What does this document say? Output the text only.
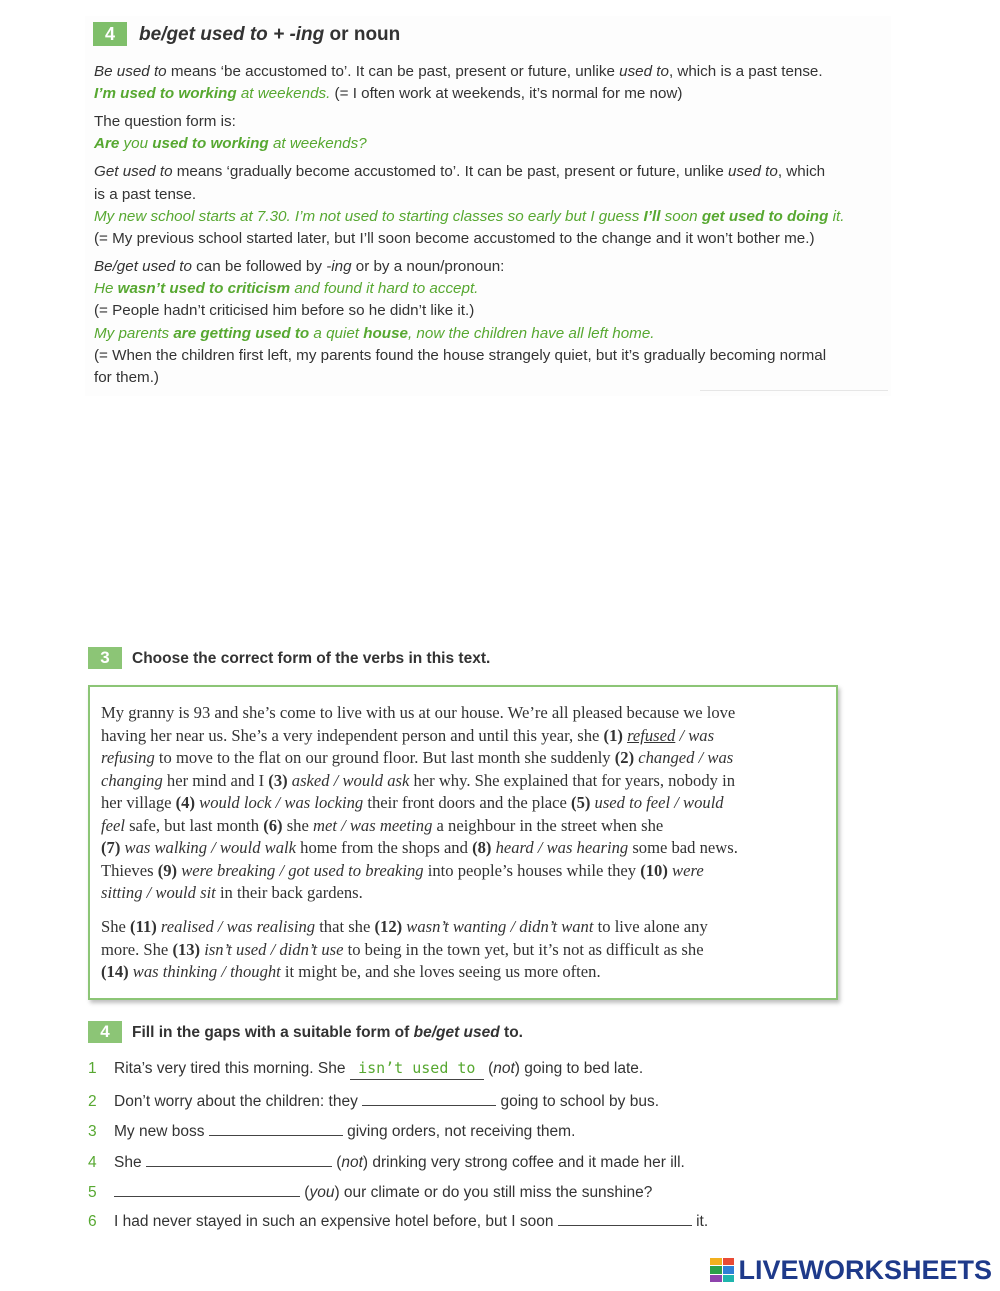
4 be/get used to + -ing or noun
Be used to means ‘be accustomed to’. It can be past, present or future, unlike used to, which is a past tense.
I’m used to working at weekends. (= I often work at weekends, it’s normal for me now)
The question form is:
Are you used to working at weekends?
Get used to means ‘gradually become accustomed to’. It can be past, present or future, unlike used to, which
is a past tense.
My new school starts at 7.30. I’m not used to starting classes so early but I guess I’ll soon get used to doing it.
(= My previous school started later, but I’ll soon become accustomed to the change and it won’t bother me.)
Be/get used to can be followed by -ing or by a noun/pronoun:
He wasn’t used to criticism and found it hard to accept.
(= People hadn’t criticised him before so he didn’t like it.)
My parents are getting used to a quiet house, now the children have all left home.
(= When the children first left, my parents found the house strangely quiet, but it’s gradually becoming normal
for them.)
3 Choose the correct form of the verbs in this text.
My granny is 93 and she’s come to live with us at our house. We’re all pleased because we love
having her near us. She’s a very independent person and until this year, she (1) refused / was
refusing to move to the flat on our ground floor. But last month she suddenly (2) changed / was
changing her mind and I (3) asked / would ask her why. She explained that for years, nobody in
her village (4) would lock / was locking their front doors and the place (5) used to feel / would
feel safe, but last month (6) she met / was meeting a neighbour in the street when she
(7) was walking / would walk home from the shops and (8) heard / was hearing some bad news.
Thieves (9) were breaking / got used to breaking into people’s houses while they (10) were
sitting / would sit in their back gardens.
She (11) realised / was realising that she (12) wasn’t wanting / didn’t want to live alone any
more. She (13) isn’t used / didn’t use to being in the town yet, but it’s not as difficult as she
(14) was thinking / thought it might be, and she loves seeing us more often.
4 Fill in the gaps with a suitable form of be/get used to.
1 Rita’s very tired this morning. She isn’t used to (not) going to bed late.
2 Don’t worry about the children: they	going to school by bus.
3 My new boss	giving orders, not receiving them.
4 She	(not) drinking very strong coffee and it made her ill.
5	(you) our climate or do you still miss the sunshine?
6 I had never stayed in such an expensive hotel before, but I soon	it.
LIVEWORKSHEETS
